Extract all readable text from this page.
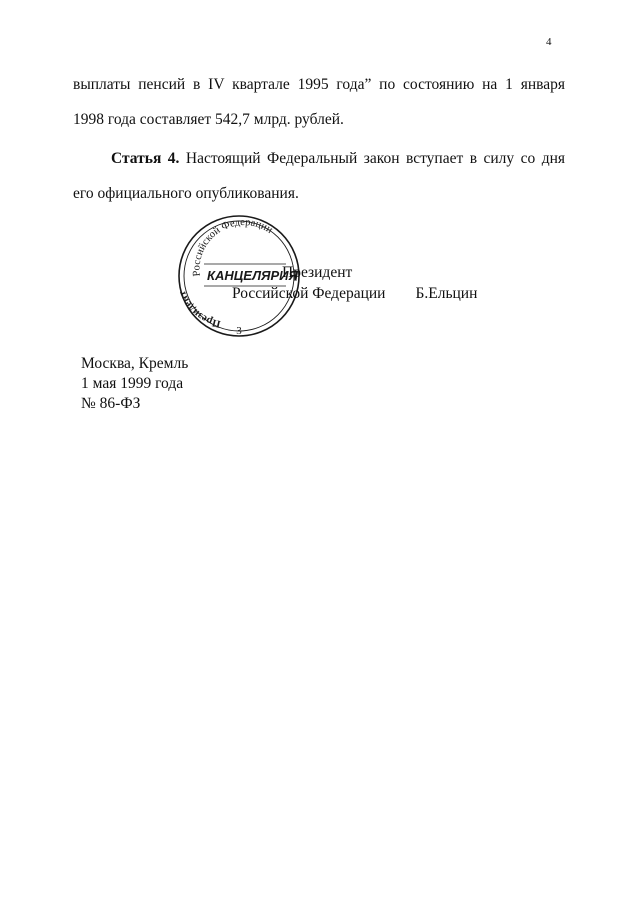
4
выплаты пенсий в IV квартале 1995 года” по состоянию на 1 января
1998 года составляет 542,7 млрд. рублей.
Статья 4. Настоящий Федеральный закон вступает в силу со дня
его официального опубликования.
Российской Федерации
Президент
КАНЦЕЛЯРИЯ
3
Президент
Российской Федерации Б.Ельцин
Москва, Кремль
1 мая 1999 года
№ 86-ФЗ
